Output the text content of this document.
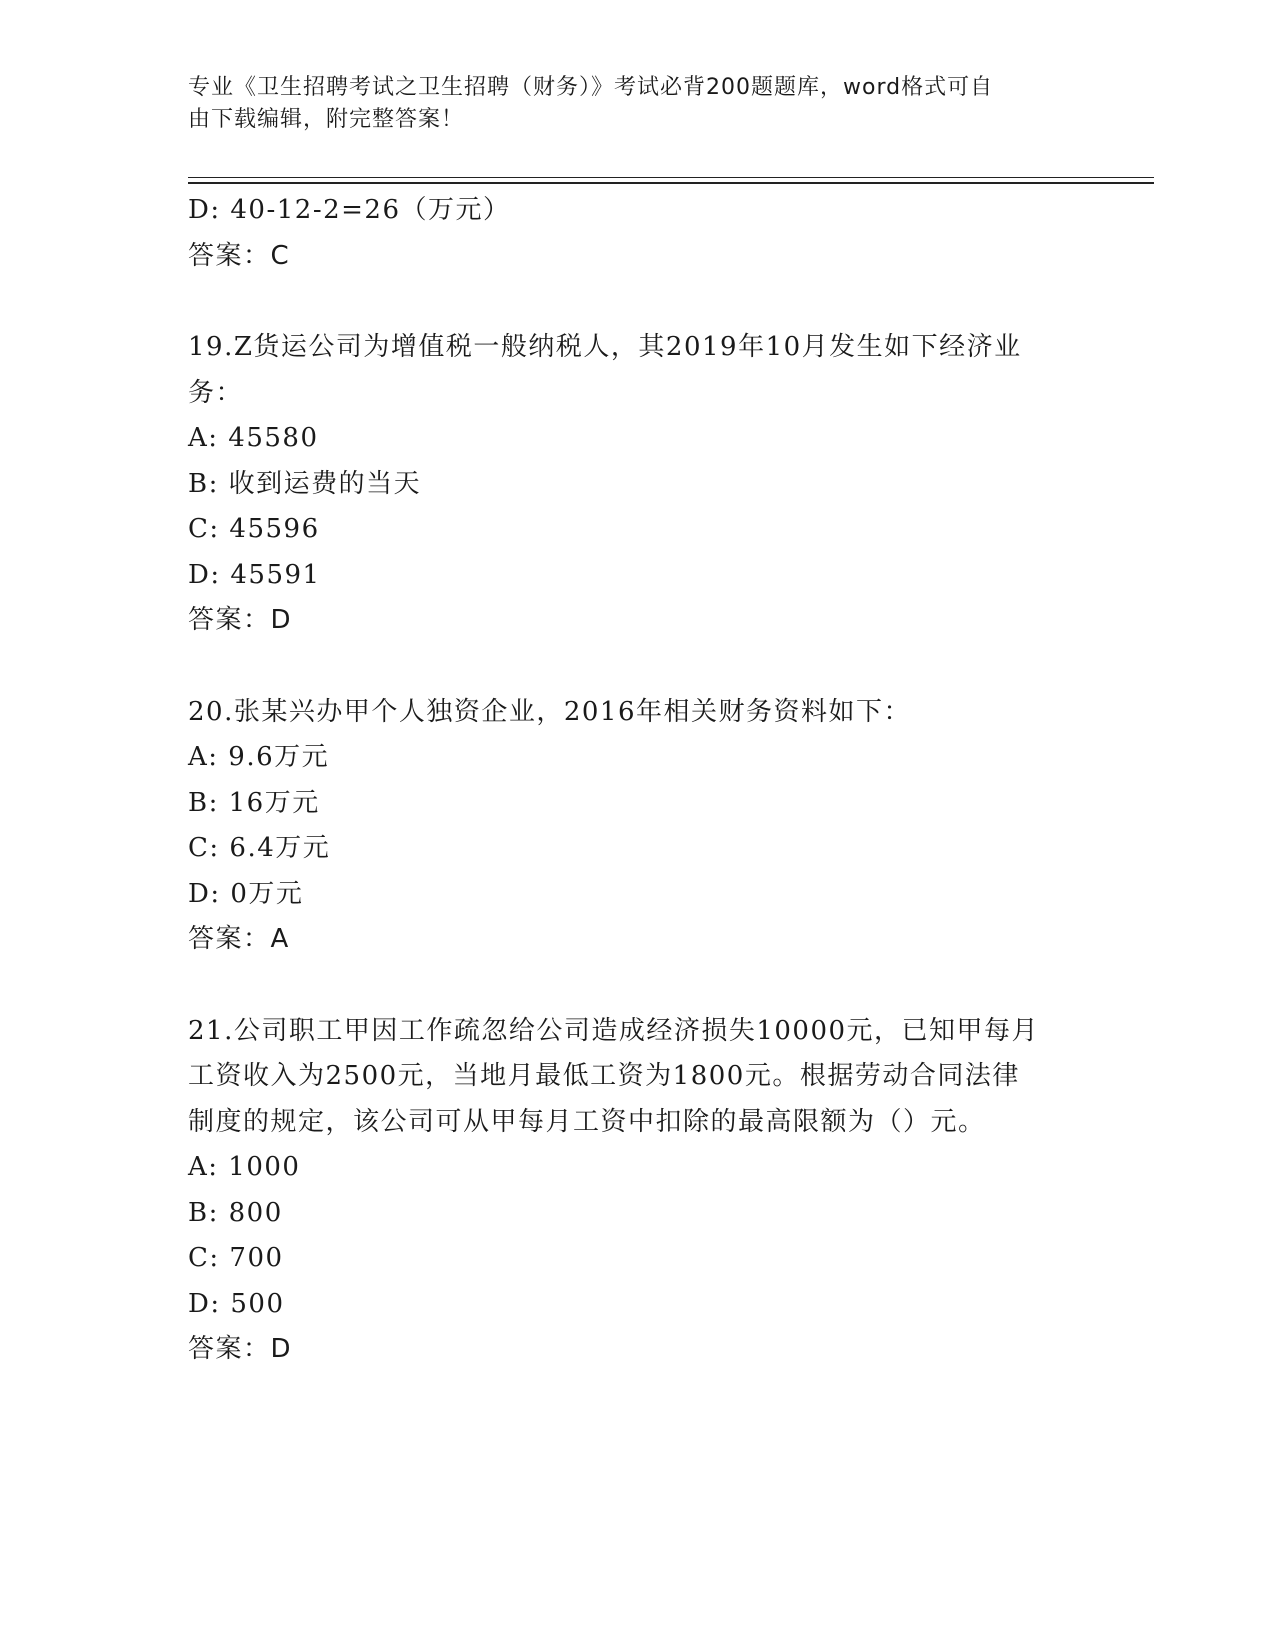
专业《卫生招聘考试之卫生招聘（财务）》考试必背200题题库，word格式可自
由下载编辑，附完整答案！
D: 40-12-2=26（万元）
答案：C
19.Z货运公司为增值税一般纳税人，其2019年10月发生如下经济业
务：
A: 45580
B: 收到运费的当天
C: 45596
D: 45591
答案：D
20.张某兴办甲个人独资企业，2016年相关财务资料如下：
A: 9.6万元
B: 16万元
C: 6.4万元
D: 0万元
答案：A
21.公司职工甲因工作疏忽给公司造成经济损失10000元，已知甲每月
工资收入为2500元，当地月最低工资为1800元。根据劳动合同法律
制度的规定，该公司可从甲每月工资中扣除的最高限额为（）元。
A: 1000
B: 800
C: 700
D: 500
答案：D
